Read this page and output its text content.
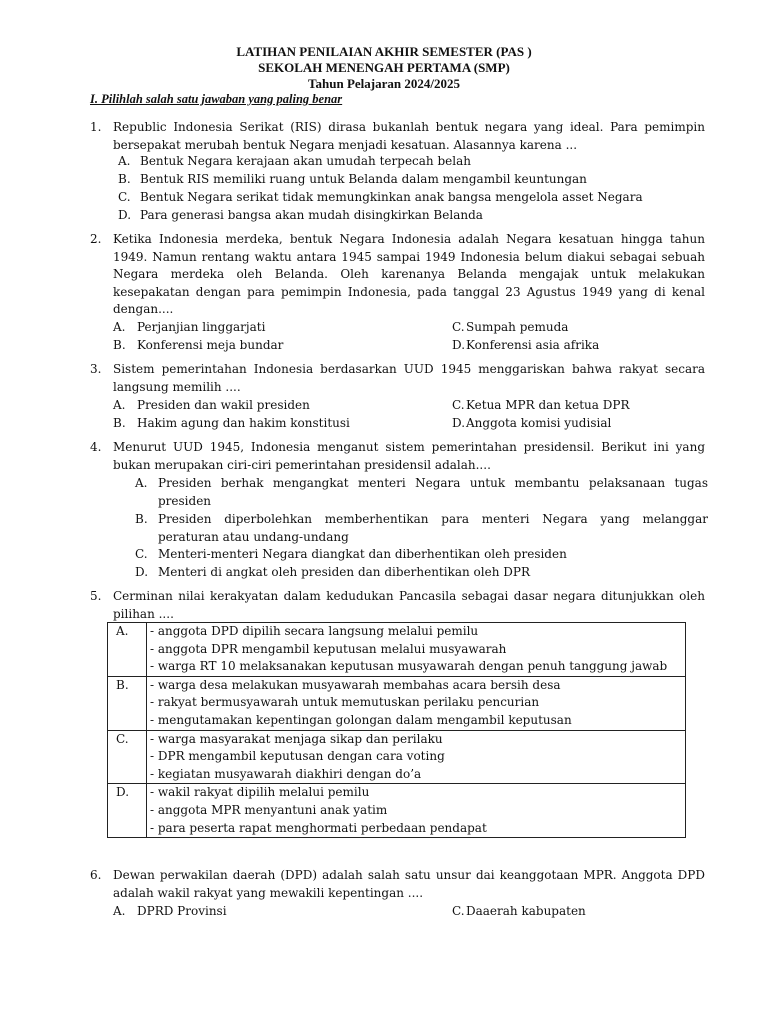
LATIHAN PENILAIAN AKHIR SEMESTER (PAS )
SEKOLAH MENENGAH PERTAMA (SMP)
Tahun Pelajaran 2024/2025
I. Pilihlah salah satu jawaban yang paling benar
1. Republic Indonesia Serikat (RIS) dirasa bukanlah bentuk negara yang ideal. Para pemimpin bersepakat merubah bentuk Negara menjadi kesatuan. Alasannya karena ...
A. Bentuk Negara kerajaan akan umudah terpecah belah
B. Bentuk RIS memiliki ruang untuk Belanda dalam mengambil keuntungan
C. Bentuk Negara serikat tidak memungkinkan anak bangsa mengelola asset Negara
D. Para generasi bangsa akan mudah disingkirkan Belanda
2. Ketika Indonesia merdeka, bentuk Negara Indonesia adalah Negara kesatuan hingga tahun 1949. Namun rentang waktu antara 1945 sampai 1949 Indonesia belum diakui sebagai sebuah Negara merdeka oleh Belanda. Oleh karenanya Belanda mengajak untuk melakukan kesepakatan dengan para pemimpin Indonesia, pada tanggal 23 Agustus 1949 yang di kenal dengan....
A. Perjanjian linggarjati
B. Konferensi meja bundar
C.Sumpah pemuda
D.Konferensi asia afrika
3. Sistem pemerintahan Indonesia berdasarkan UUD 1945 menggariskan bahwa rakyat secara langsung memilih ....
A. Presiden dan wakil presiden
B. Hakim agung dan hakim konstitusi
C.Ketua MPR dan ketua DPR
D.Anggota komisi yudisial
4. Menurut UUD 1945, Indonesia menganut sistem pemerintahan presidensil. Berikut ini yang bukan merupakan ciri-ciri pemerintahan presidensil adalah....
A. Presiden berhak mengangkat menteri Negara untuk membantu pelaksanaan tugas presiden
B. Presiden diperbolehkan memberhentikan para menteri Negara yang melanggar peraturan atau undang-undang
C. Menteri-menteri Negara diangkat dan diberhentikan oleh presiden
D. Menteri di angkat oleh presiden dan diberhentikan oleh DPR
5. Cerminan nilai kerakyatan dalam kedudukan Pancasila sebagai dasar negara ditunjukkan oleh pilihan ....
A.	- anggota DPD dipilih secara langsung melalui pemilu
- anggota DPR mengambil keputusan melalui musyawarah
- warga RT 10 melaksanakan keputusan musyawarah dengan penuh tanggung jawab

B.	- warga desa melakukan musyawarah membahas acara bersih desa
- rakyat bermusyawarah untuk memutuskan perilaku pencurian
- mengutamakan kepentingan golongan dalam mengambil keputusan

C.	- warga masyarakat menjaga sikap dan perilaku
- DPR mengambil keputusan dengan cara voting
- kegiatan musyawarah diakhiri dengan do’a

D.	- wakil rakyat dipilih melalui pemilu
- anggota MPR menyantuni anak yatim
- para peserta rapat menghormati perbedaan pendapat
6. Dewan perwakilan daerah (DPD) adalah salah satu unsur dai keanggotaan MPR. Anggota DPD adalah wakil rakyat yang mewakili kepentingan ....
A. DPRD Provinsi	C.Daaerah kabupaten
